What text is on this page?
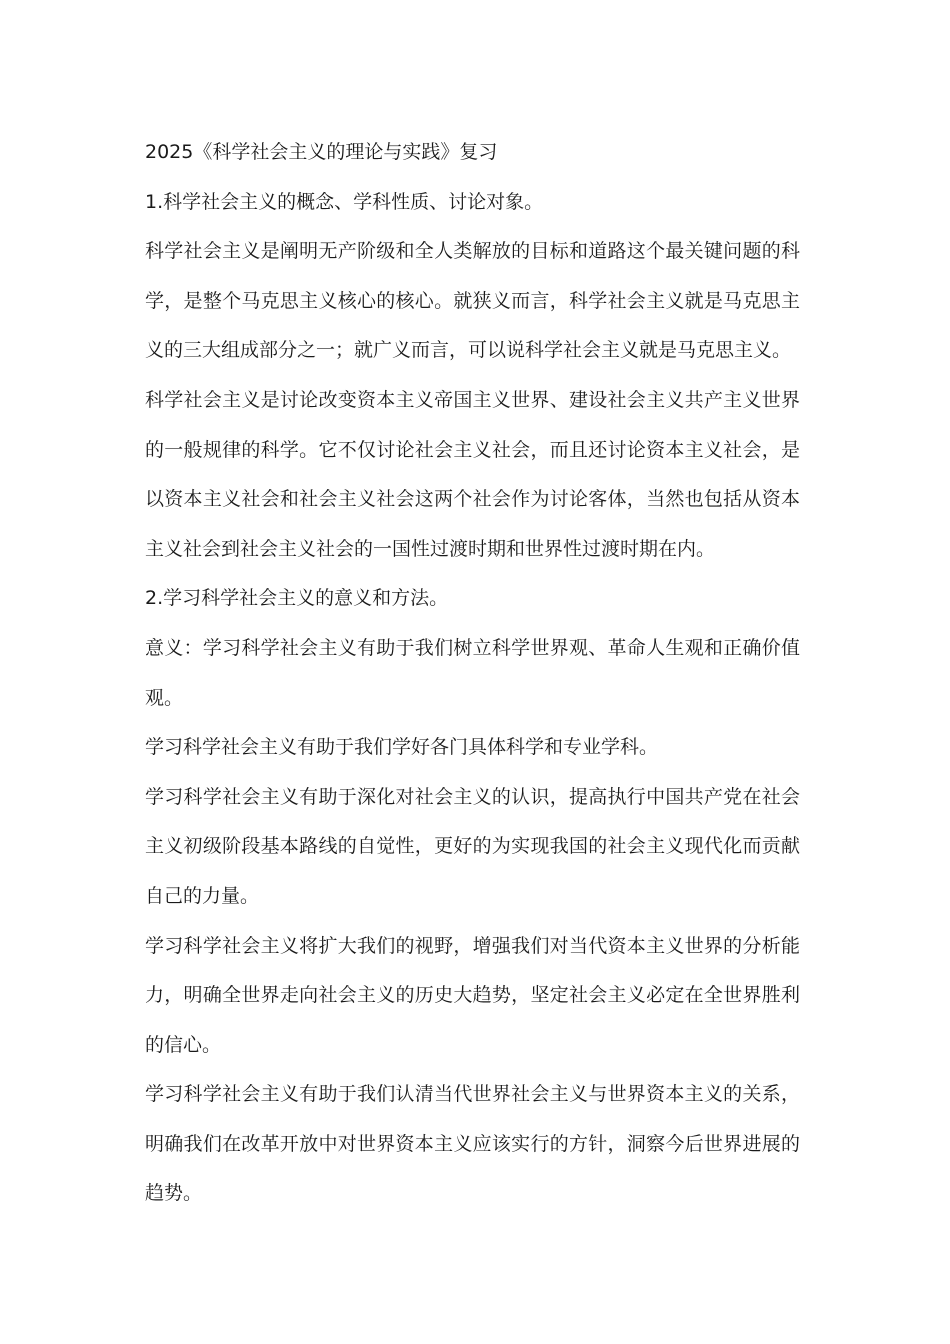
2025《科学社会主义的理论与实践》复习

1.科学社会主义的概念、学科性质、讨论对象。

科学社会主义是阐明无产阶级和全人类解放的目标和道路这个最关键问题的科学，是整个马克思主义核心的核心。就狭义而言，科学社会主义就是马克思主义的三大组成部分之一；就广义而言，可以说科学社会主义就是马克思主义。

科学社会主义是讨论改变资本主义帝国主义世界、建设社会主义共产主义世界的一般规律的科学。它不仅讨论社会主义社会，而且还讨论资本主义社会，是以资本主义社会和社会主义社会这两个社会作为讨论客体，当然也包括从资本主义社会到社会主义社会的一国性过渡时期和世界性过渡时期在内。

2.学习科学社会主义的意义和方法。

意义：学习科学社会主义有助于我们树立科学世界观、革命人生观和正确价值观。

学习科学社会主义有助于我们学好各门具体科学和专业学科。

学习科学社会主义有助于深化对社会主义的认识，提高执行中国共产党在社会主义初级阶段基本路线的自觉性，更好的为实现我国的社会主义现代化而贡献自己的力量。

学习科学社会主义将扩大我们的视野，增强我们对当代资本主义世界的分析能力，明确全世界走向社会主义的历史大趋势，坚定社会主义必定在全世界胜利的信心。

学习科学社会主义有助于我们认清当代世界社会主义与世界资本主义的关系，明确我们在改革开放中对世界资本主义应该实行的方针，洞察今后世界进展的趋势。
